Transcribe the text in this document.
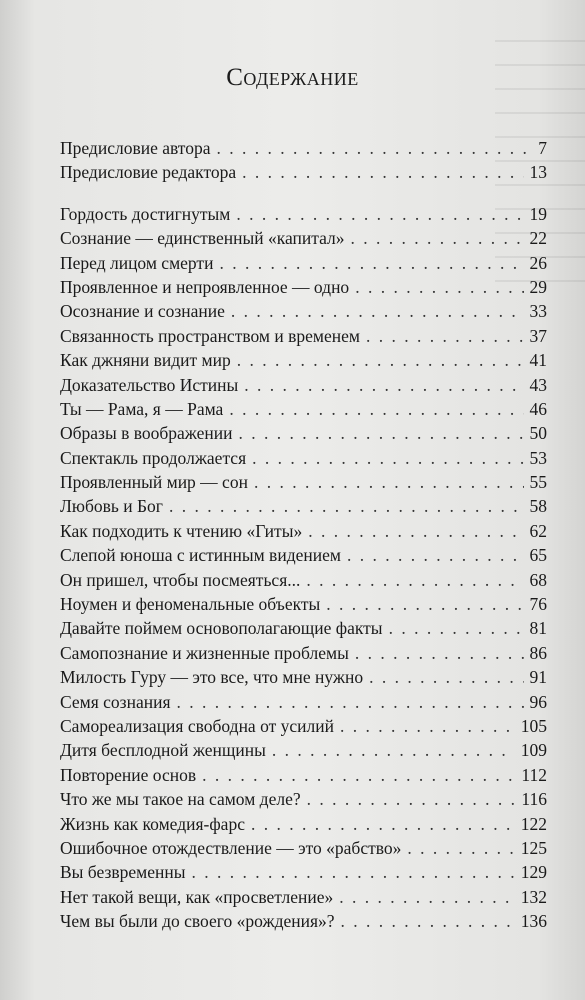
Содержание
Предисловие автора . . .	7
Предисловие редактора . . .	13
Гордость достигнутым . . .	19
Сознание — единственный «капитал» . . .	22
Перед лицом смерти . . .	26
Проявленное и непроявленное — одно . . .	29
Осознание и сознание . . .	33
Связанность пространством и временем . . .	37
Как джняни видит мир . . .	41
Доказательство Истины . . .	43
Ты — Рама, я — Рама . . .	46
Образы в воображении . . .	50
Спектакль продолжается . . .	53
Проявленный мир — сон . . .	55
Любовь и Бог . . .	58
Как подходить к чтению «Гиты» . . .	62
Слепой юноша с истинным видением . . .	65
Он пришел, чтобы посмеяться... . . .	68
Ноумен и феноменальные объекты . . .	76
Давайте поймем основополагающие факты . . .	81
Самопознание и жизненные проблемы . . .	86
Милость Гуру — это все, что мне нужно . . .	91
Семя сознания . . .	96
Самореализация свободна от усилий . . .	105
Дитя бесплодной женщины . . .	109
Повторение основ . . .	112
Что же мы такое на самом деле? . . .	116
Жизнь как комедия-фарс . . .	122
Ошибочное отождествление — это «рабство» . . .	125
Вы безвременны . . .	129
Нет такой вещи, как «просветление» . . .	132
Чем вы были до своего «рождения»? . . .	136
